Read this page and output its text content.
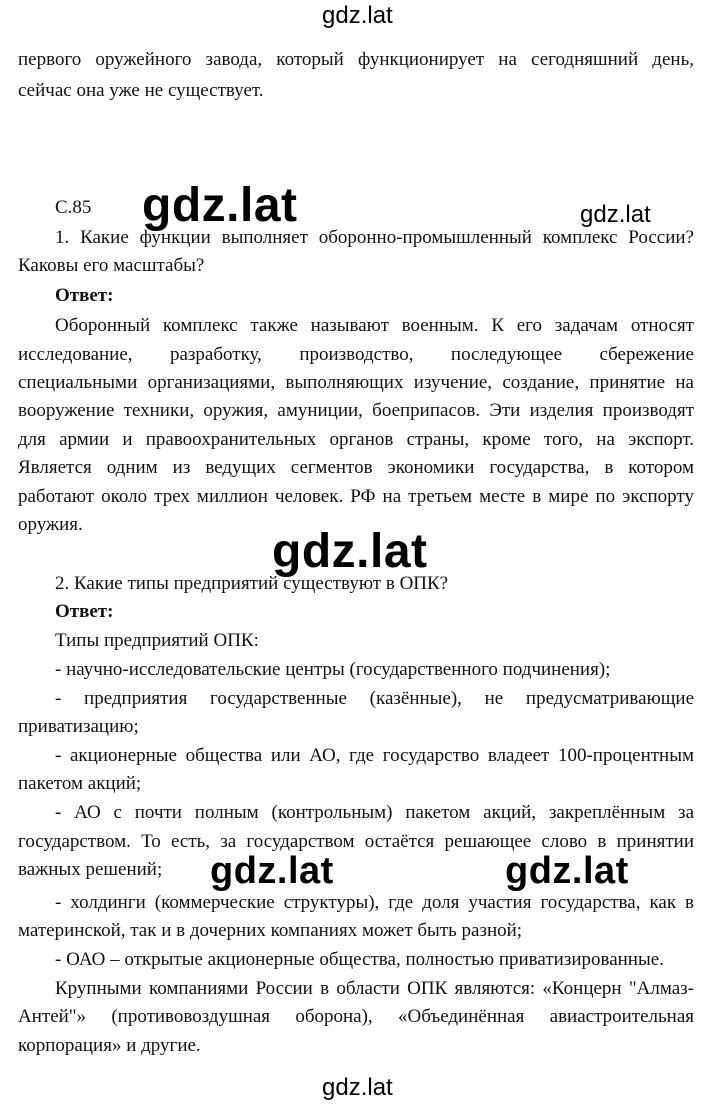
gdz.lat
gdz.lat	gdz.lat
gdz.lat
gdz.lat	gdz.lat
gdz.lat
первого оружейного завода, который функционирует на сегодняшний день,
сейчас она уже не существует.
С.85
1. Какие функции выполняет оборонно-промышленный комплекс России?
Каковы его масштабы?
Ответ:
Оборонный комплекс также называют военным. К его задачам относят
исследование, разработку, производство, последующее сбережение
специальными организациями, выполняющих изучение, создание, принятие на
вооружение техники, оружия, амуниции, боеприпасов. Эти изделия производят
для армии и правоохранительных органов страны, кроме того, на экспорт.
Является одним из ведущих сегментов экономики государства, в котором
работают около трех миллион человек. РФ на третьем месте в мире по экспорту
оружия.
2. Какие типы предприятий существуют в ОПК?
Ответ:
Типы предприятий ОПК:
- научно-исследовательские центры (государственного подчинения);
- предприятия государственные (казённые), не предусматривающие
приватизацию;
- акционерные общества или АО, где государство владеет 100-процентным
пакетом акций;
- АО с почти полным (контрольным) пакетом акций, закреплённым за
государством. То есть, за государством остаётся решающее слово в принятии
важных решений;
- холдинги (коммерческие структуры), где доля участия государства, как в
материнской, так и в дочерних компаниях может быть разной;
- ОАО – открытые акционерные общества, полностью приватизированные.
Крупными компаниями России в области ОПК являются: «Концерн "Алмаз-
Антей"» (противовоздушная оборона), «Объединённая авиастроительная
корпорация» и другие.
